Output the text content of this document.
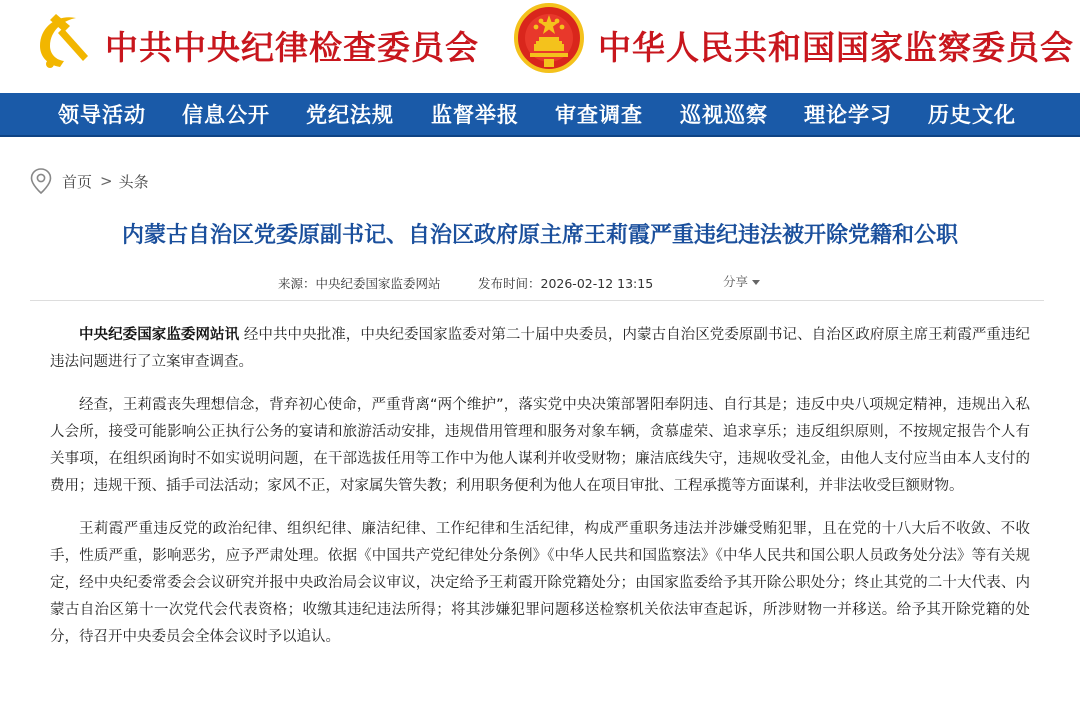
中共中央纪律检查委员会	中华人民共和国国家监察委员会
领导活动 信息公开 党纪法规 监督举报 审查调查 巡视巡察 理论学习 历史文化
首页 > 头条
内蒙古自治区党委原副书记、自治区政府原主席王莉霞严重违纪违法被开除党籍和公职
来源：中央纪委国家监委网站	发布时间：2026-02-12 13:15	分享

中央纪委国家监委网站讯 经中共中央批准，中央纪委国家监委对第二十届中央委员，内蒙古自治区党委原副书记、自治区政府原主席王莉霞严重违纪违法问题进行了立案审查调查。

经查，王莉霞丧失理想信念，背弃初心使命，严重背离“两个维护”，落实党中央决策部署阳奉阴违、自行其是；违反中央八项规定精神，违规出入私人会所，接受可能影响公正执行公务的宴请和旅游活动安排，违规借用管理和服务对象车辆，贪慕虚荣、追求享乐；违反组织原则，不按规定报告个人有关事项，在组织函询时不如实说明问题，在干部选拔任用等工作中为他人谋利并收受财物；廉洁底线失守，违规收受礼金，由他人支付应当由本人支付的费用；违规干预、插手司法活动；家风不正，对家属失管失教；利用职务便利为他人在项目审批、工程承揽等方面谋利，并非法收受巨额财物。

王莉霞严重违反党的政治纪律、组织纪律、廉洁纪律、工作纪律和生活纪律，构成严重职务违法并涉嫌受贿犯罪，且在党的十八大后不收敛、不收手，性质严重，影响恶劣，应予严肃处理。依据《中国共产党纪律处分条例》《中华人民共和国监察法》《中华人民共和国公职人员政务处分法》等有关规定，经中央纪委常委会会议研究并报中央政治局会议审议，决定给予王莉霞开除党籍处分；由国家监委给予其开除公职处分；终止其党的二十大代表、内蒙古自治区第十一次党代会代表资格；收缴其违纪违法所得；将其涉嫌犯罪问题移送检察机关依法审查起诉，所涉财物一并移送。给予其开除党籍的处分，待召开中央委员会全体会议时予以追认。
